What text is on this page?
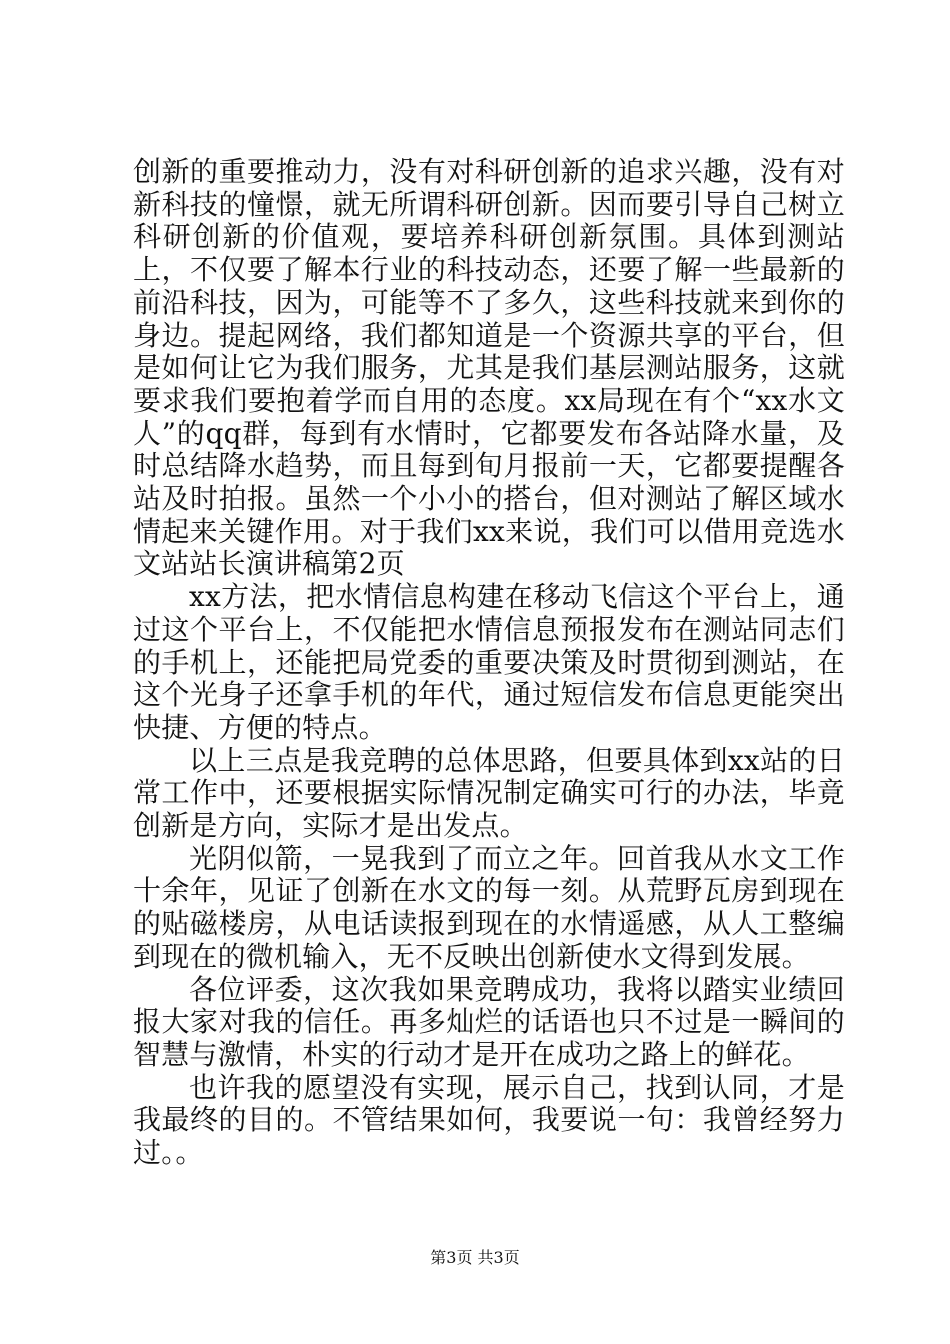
创新的重要推动力，没有对科研创新的追求兴趣，没有对新科技的憧憬，就无所谓科研创新。因而要引导自己树立科研创新的价值观，要培养科研创新氛围。具体到测站上，不仅要了解本行业的科技动态，还要了解一些最新的前沿科技，因为，可能等不了多久，这些科技就来到你的身边。提起网络，我们都知道是一个资源共享的平台，但是如何让它为我们服务，尤其是我们基层测站服务，这就要求我们要抱着学而自用的态度。xx局现在有个“xx水文人”的qq群，每到有水情时，它都要发布各站降水量，及时总结降水趋势，而且每到旬月报前一天，它都要提醒各站及时拍报。虽然一个小小的搭台，但对测站了解区域水情起来关键作用。对于我们xx来说，我们可以借用竞选水文站站长演讲稿第2页

xx方法，把水情信息构建在移动飞信这个平台上，通过这个平台上，不仅能把水情信息预报发布在测站同志们的手机上，还能把局党委的重要决策及时贯彻到测站，在这个光身子还拿手机的年代，通过短信发布信息更能突出快捷、方便的特点。

以上三点是我竞聘的总体思路，但要具体到xx站的日常工作中，还要根据实际情况制定确实可行的办法，毕竟创新是方向，实际才是出发点。

光阴似箭，一晃我到了而立之年。回首我从水文工作十余年，见证了创新在水文的每一刻。从荒野瓦房到现在的贴磁楼房，从电话读报到现在的水情遥感，从人工整编到现在的微机输入，无不反映出创新使水文得到发展。

各位评委，这次我如果竞聘成功，我将以踏实业绩回报大家对我的信任。再多灿烂的话语也只不过是一瞬间的智慧与激情，朴实的行动才是开在成功之路上的鲜花。

也许我的愿望没有实现，展示自己，找到认同，才是我最终的目的。不管结果如何，我要说一句：我曾经努力过。。

第3页 共3页
